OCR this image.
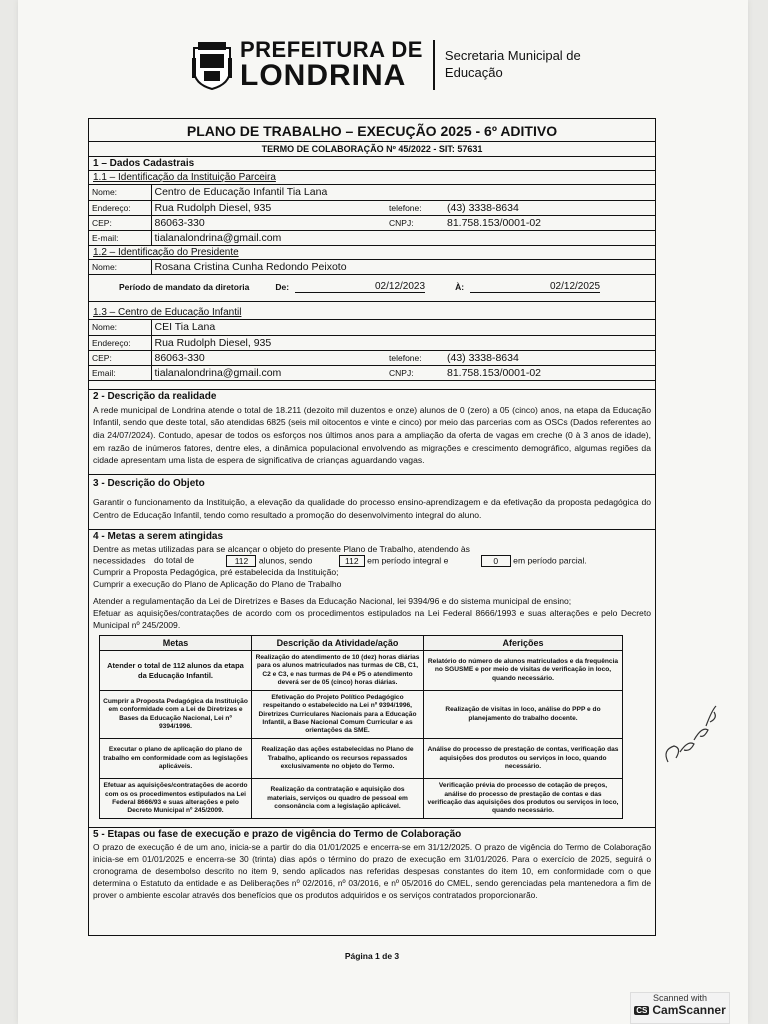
PREFEITURA DE
LONDRINA
Secretaria Municipal de Educação
PLANO DE TRABALHO – EXECUÇÃO 2025 - 6º ADITIVO
TERMO DE COLABORAÇÃO Nº 45/2022 - SIT: 57631
1 – Dados Cadastrais
1.1 – Identificação da Instituição Parceira
Nome:	Centro de Educação Infantil Tia Lana		
Endereço:	Rua Rudolph Diesel, 935	telefone:	(43) 3338-8634
CEP:	86063-330	CNPJ:	81.758.153/0001-02
E-mail:	tialanalondrina@gmail.com		
1.2 – Identificação do Presidente
Nome:	Rosana Cristina Cunha Redondo Peixoto
Período de mandato da diretoria	De:	02/12/2023	À:	02/12/2025
1.3 – Centro de Educação Infantil
Nome:	CEI Tia Lana		
Endereço:	Rua Rudolph Diesel, 935		
CEP:	86063-330	telefone:	(43) 3338-8634
Email:	tialanalondrina@gmail.com	CNPJ:	81.758.153/0001-02
2 - Descrição da realidade
A rede municipal de Londrina atende o total de 18.211 (dezoito mil duzentos e onze) alunos de 0 (zero) a 05 (cinco) anos, na etapa da Educação Infantil, sendo que deste total, são atendidas 6825 (seis mil oitocentos e vinte e cinco) por meio das parcerias com as OSCs (Dados referentes ao dia 24/07/2024). Contudo, apesar de todos os esforços nos últimos anos para a ampliação da oferta de vagas em creche (0 à 3 anos de idade), em razão de inúmeros fatores, dentre eles, a dinâmica populacional envolvendo as migrações e crescimento demográfico, algumas regiões da cidade apresentam uma lista de espera de significativa de crianças aguardando vagas.
3 - Descrição do Objeto
Garantir o funcionamento da Instituição, a elevação da qualidade do processo ensino-aprendizagem e da efetivação da proposta pedagógica do Centro de Educação Infantil, tendo como resultado a promoção do desenvolvimento integral do aluno.
4 - Metas a serem atingidas
Dentre as metas utilizadas para se alcançar o objeto do presente Plano de Trabalho, atendendo às
necessidades do total de	112 alunos, sendo	112 em período integral e	0 em período parcial.
Cumprir a Proposta Pedagógica, pré estabelecida da Instituição;
Cumprir a execução do Plano de Aplicação do Plano de Trabalho
Atender a regulamentação da Lei de Diretrizes e Bases da Educação Nacional, lei 9394/96 e do sistema municipal de ensino;
Efetuar as aquisições/contratações de acordo com os procedimentos estipulados na Lei Federal 8666/1993 e suas alterações e pelo Decreto Municipal nº 245/2009.
Metas	Descrição da Atividade/ação	Aferições
Atender o total de 112 alunos da etapa da Educação Infantil.	Realização do atendimento de 10 (dez) horas diárias para os alunos matriculados nas turmas de CB, C1, C2 e C3, e nas turmas de P4 e P5 o atendimento deverá ser de 05 (cinco) horas diárias.	Relatório do número de alunos matriculados e da frequência no SGUSME e por meio de visitas de verificação in loco, quando necessário.
Cumprir a Proposta Pedagógica da Instituição em conformidade com a Lei de Diretrizes e Bases da Educação Nacional, Lei nº 9394/1996.	Efetivação do Projeto Político Pedagógico respeitando o estabelecido na Lei nº 9394/1996, Diretrizes Curriculares Nacionais para a Educação Infantil, a Base Nacional Comum Curricular e as orientações da SME.	Realização de visitas in loco, análise do PPP e do planejamento do trabalho docente.
Executar o plano de aplicação do plano de trabalho em conformidade com as legislações aplicáveis.	Realização das ações estabelecidas no Plano de Trabalho, aplicando os recursos repassados exclusivamente no objeto do Termo.	Análise do processo de prestação de contas, verificação das aquisições dos produtos ou serviços in loco, quando necessário.
Efetuar as aquisições/contratações de acordo com os os procedimentos estipulados na Lei Federal 8666/93 e suas alterações e pelo Decreto Municipal nº 245/2009.	Realização da contratação e aquisição dos materiais, serviços ou quadro de pessoal em consonância com a legislação aplicável.	Verificação prévia do processo de cotação de preços, análise do processo de prestação de contas e das verificação das aquisições dos produtos ou serviços in loco, quando necessário.
5 - Etapas ou fase de execução e prazo de vigência do Termo de Colaboração
O prazo de execução é de um ano, inicia-se a partir do dia 01/01/2025 e encerra-se em 31/12/2025. O prazo de vigência do Termo de Colaboração inicia-se em 01/01/2025 e encerra-se 30 (trinta) dias após o término do prazo de execução em 31/01/2026. Para o exercício de 2025, seguirá o cronograma de desembolso descrito no item 9, sendo aplicados nas referidas despesas constantes do item 10, em conformidade com o que determina o Estatuto da entidade e as Deliberações nº 02/2016, nº 03/2016, e nº 05/2016 do CMEL, sendo gerenciadas pela mantenedora a fim de prover o ambiente escolar através dos benefícios que os produtos adquiridos e os serviços contratados proporcionarão.
Página 1 de 3
Scanned with
CS CamScanner
